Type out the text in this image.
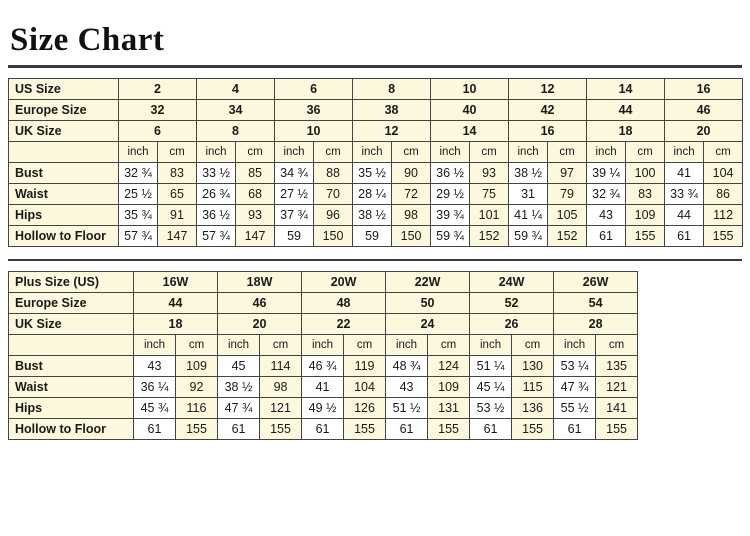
Size Chart
US Size	2		4		6		8		10		12		14		16	
Europe Size	32		34		36		38		40		42		44		46	
UK Size	6		8		10		12		14		16		18		20	
	inch	cm	inch	cm	inch	cm	inch	cm	inch	cm	inch	cm	inch	cm	inch	cm
Bust	32 ¾	83	33 ½	85	34 ¾	88	35 ½	90	36 ½	93	38 ½	97	39 ¼	100	41	104
Waist	25 ½	65	26 ¾	68	27 ½	70	28 ¼	72	29 ½	75	31	79	32 ¾	83	33 ¾	86
Hips	35 ¾	91	36 ½	93	37 ¾	96	38 ½	98	39 ¾	101	41 ¼	105	43	109	44	112
Hollow to Floor	57 ¾	147	57 ¾	147	59	150	59	150	59 ¾	152	59 ¾	152	61	155	61	155
Plus Size (US)	16W		18W		20W		22W		24W		26W	
Europe Size	44		46		48		50		52		54	
UK Size	18		20		22		24		26		28	
	inch	cm	inch	cm	inch	cm	inch	cm	inch	cm	inch	cm
Bust	43	109	45	114	46 ¾	119	48 ¾	124	51 ¼	130	53 ¼	135
Waist	36 ¼	92	38 ½	98	41	104	43	109	45 ¼	115	47 ¾	121
Hips	45 ¾	116	47 ¾	121	49 ½	126	51 ½	131	53 ½	136	55 ½	141
Hollow to Floor	61	155	61	155	61	155	61	155	61	155	61	155
